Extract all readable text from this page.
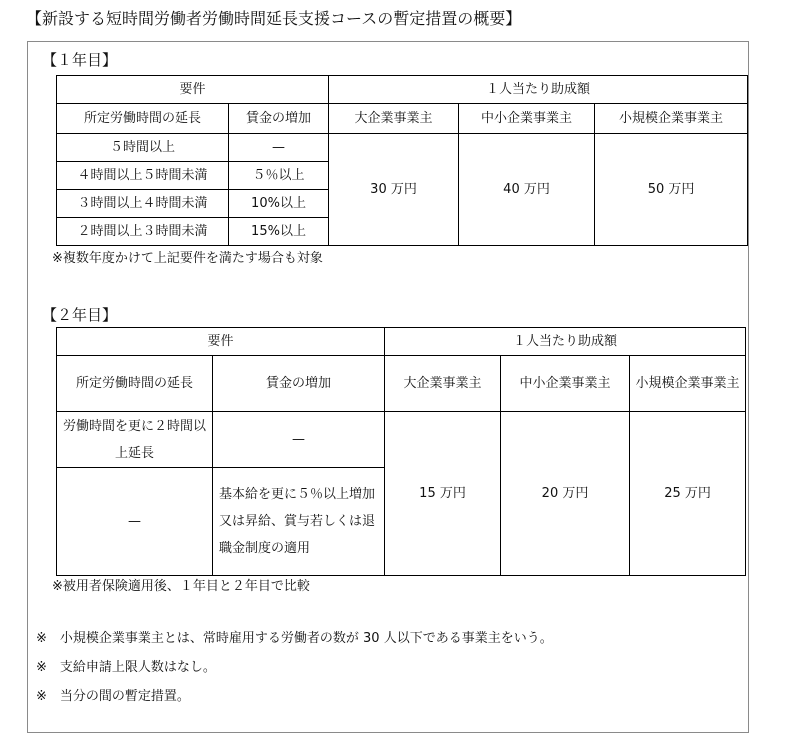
【新設する短時間労働者労働時間延長支援コースの暫定措置の概要】
【１年目】
要件		１人当たり助成額		
所定労働時間の延長	賃金の増加	大企業事業主	中小企業事業主	小規模企業事業主
５時間以上	—	30 万円	40 万円	50 万円
４時間以上５時間未満	５％以上			
３時間以上４時間未満	10%以上			
２時間以上３時間未満	15%以上			
※複数年度かけて上記要件を満たす場合も対象
【２年目】
要件		１人当たり助成額		
所定労働時間の延長	賃金の増加	大企業事業主	中小企業事業主	小規模企業事業主
労働時間を更に２時間以上延長	—	15 万円	20 万円	25 万円
—	基本給を更に５％以上増加又は昇給、賞与若しくは退職金制度の適用			
※被用者保険適用後、１年目と２年目で比較
※　小規模企業事業主とは、常時雇用する労働者の数が 30 人以下である事業主をいう。
※　支給申請上限人数はなし。
※　当分の間の暫定措置。
